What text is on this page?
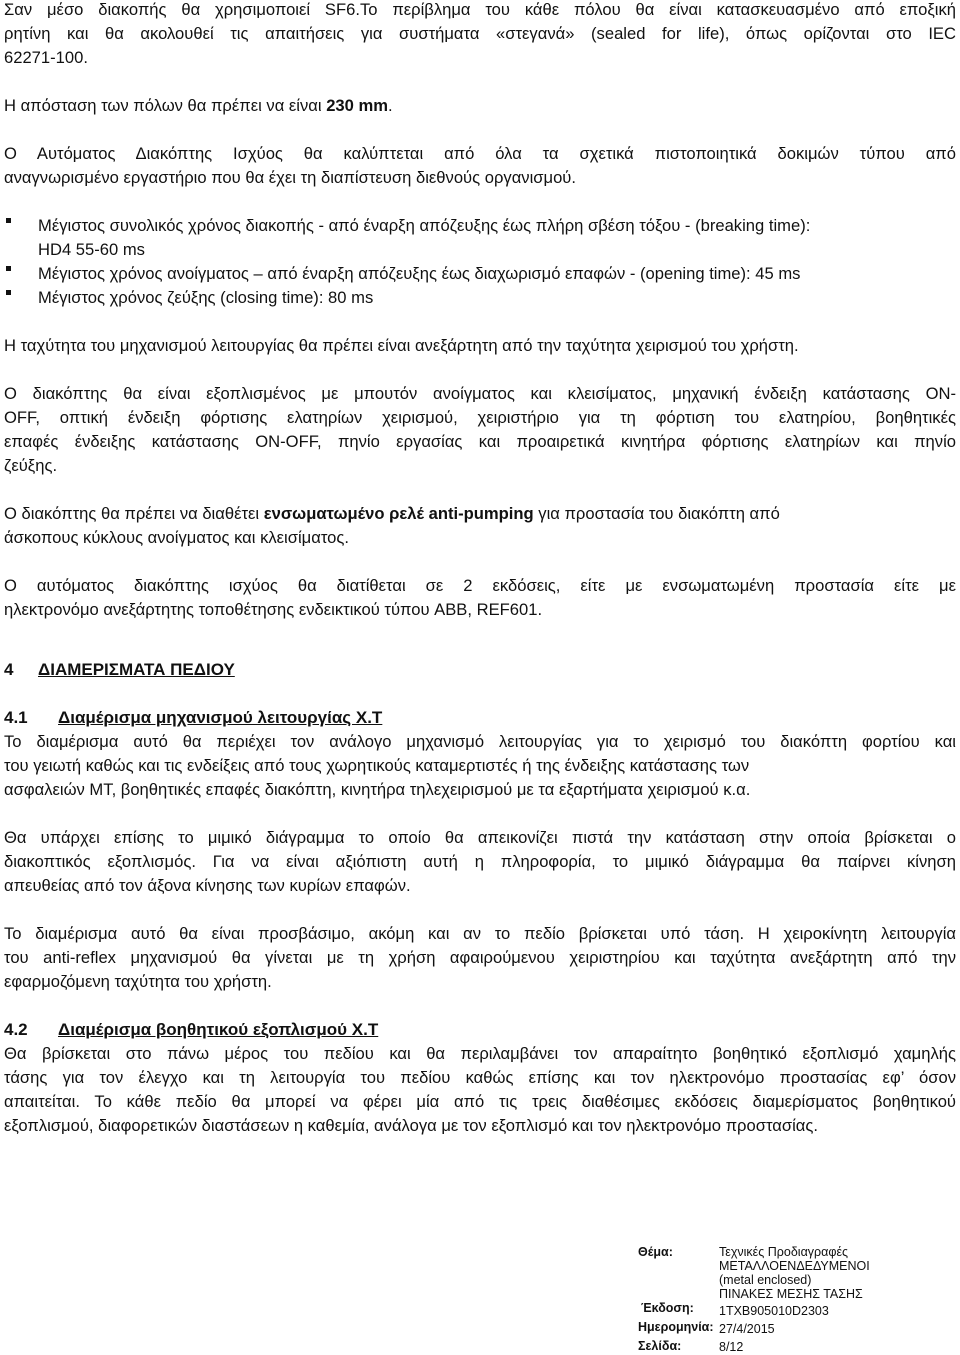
Σαν μέσο διακοπής θα χρησιμοποιεί SF6.Το περίβλημα του κάθε πόλου θα είναι κατασκευασμένο από εποξική
ρητίνη και θα ακολουθεί τις απαιτήσεις για συστήματα «στεγανά» (sealed for life), όπως ορίζονται στο IEC
62271-100.
Η απόσταση των πόλων θα πρέπει να είναι 230 mm.
Ο Αυτόματος Διακόπτης Ισχύος θα καλύπτεται από όλα τα σχετικά πιστοποιητικά δοκιμών τύπου από
αναγνωρισμένο εργαστήριο που θα έχει τη διαπίστευση διεθνούς οργανισμού.
Μέγιστος συνολικός χρόνος διακοπής - από έναρξη απόζευξης έως πλήρη σβέση τόξου - (breaking time):
HD4 55-60 ms
Μέγιστος χρόνος ανοίγματος – από έναρξη απόζευξης έως διαχωρισμό επαφών - (opening time): 45 ms
Μέγιστος χρόνος ζεύξης (closing time): 80 ms
Η ταχύτητα του μηχανισμού λειτουργίας θα πρέπει είναι ανεξάρτητη από την ταχύτητα χειρισμού του χρήστη.
Ο διακόπτης θα είναι εξοπλισμένος με μπουτόν ανοίγματος και κλεισίματος, μηχανική ένδειξη κατάστασης ON-
OFF, οπτική ένδειξη φόρτισης ελατηρίων χειρισμού, χειριστήριο για τη φόρτιση του ελατηρίου, βοηθητικές
επαφές ένδειξης κατάστασης ON-OFF, πηνίο εργασίας και προαιρετικά κινητήρα φόρτισης ελατηρίων και πηνίο
ζεύξης.
Ο διακόπτης θα πρέπει να διαθέτει ενσωματωμένο ρελέ anti-pumping για προστασία του διακόπτη από
άσκοπους κύκλους ανοίγματος και κλεισίματος.
Ο αυτόματος διακόπτης ισχύος θα διατίθεται σε 2 εκδόσεις, είτε με ενσωματωμένη προστασία είτε με
ηλεκτρονόμο ανεξάρτητης τοποθέτησης ενδεικτικού τύπου ABB, REF601.
4 ΔΙΑΜΕΡΙΣΜΑΤΑ ΠΕΔΙΟΥ
4.1 Διαμέρισμα μηχανισμού λειτουργίας Χ.Τ
Το διαμέρισμα αυτό θα περιέχει τον ανάλογο μηχανισμό λειτουργίας για το χειρισμό του διακόπτη φορτίου και
του γειωτή καθώς και τις ενδείξεις από τους χωρητικούς καταμερτιστές ή της ένδειξης κατάστασης των
ασφαλειών ΜΤ, βοηθητικές επαφές διακόπτη, κινητήρα τηλεχειρισμού με τα εξαρτήματα χειρισμού κ.α.
Θα υπάρχει επίσης το μιμικό διάγραμμα το οποίο θα απεικονίζει πιστά την κατάσταση στην οποία βρίσκεται ο
διακοπτικός εξοπλισμός. Για να είναι αξιόπιστη αυτή η πληροφορία, το μιμικό διάγραμμα θα παίρνει κίνηση
απευθείας από τον άξονα κίνησης των κυρίων επαφών.
Το διαμέρισμα αυτό θα είναι προσβάσιμο, ακόμη και αν το πεδίο βρίσκεται υπό τάση. Η χειροκίνητη λειτουργία
του anti-reflex μηχανισμού θα γίνεται με τη χρήση αφαιρούμενου χειριστηρίου και ταχύτητα ανεξάρτητη από την
εφαρμοζόμενη ταχύτητα του χρήστη.
4.2 Διαμέρισμα βοηθητικού εξοπλισμού Χ.Τ
Θα βρίσκεται στο πάνω μέρος του πεδίου και θα περιλαμβάνει τον απαραίτητο βοηθητικό εξοπλισμό χαμηλής
τάσης για τον έλεγχο και τη λειτουργία του πεδίου καθώς επίσης και τον ηλεκτρονόμο προστασίας εφ’ όσον
απαιτείται. Το κάθε πεδίο θα μπορεί να φέρει μία από τις τρεις διαθέσιμες εκδόσεις διαμερίσματος βοηθητικού
εξοπλισμού, διαφορετικών διαστάσεων η καθεμία, ανάλογα με τον εξοπλισμό και τον ηλεκτρονόμο προστασίας.
Θέμα:	Τεχνικές Προδιαγραφές
ΜΕΤΑΛΛΟΕΝΔΕΔΥΜΕΝΟΙ
(metal enclosed)
ΠΙΝΑΚΕΣ ΜΕΣΗΣ ΤΑΣΗΣ
Έκδοση: 1TXB905010D2303
Ημερομηνία: 27/4/2015
Σελίδα:	8/12
